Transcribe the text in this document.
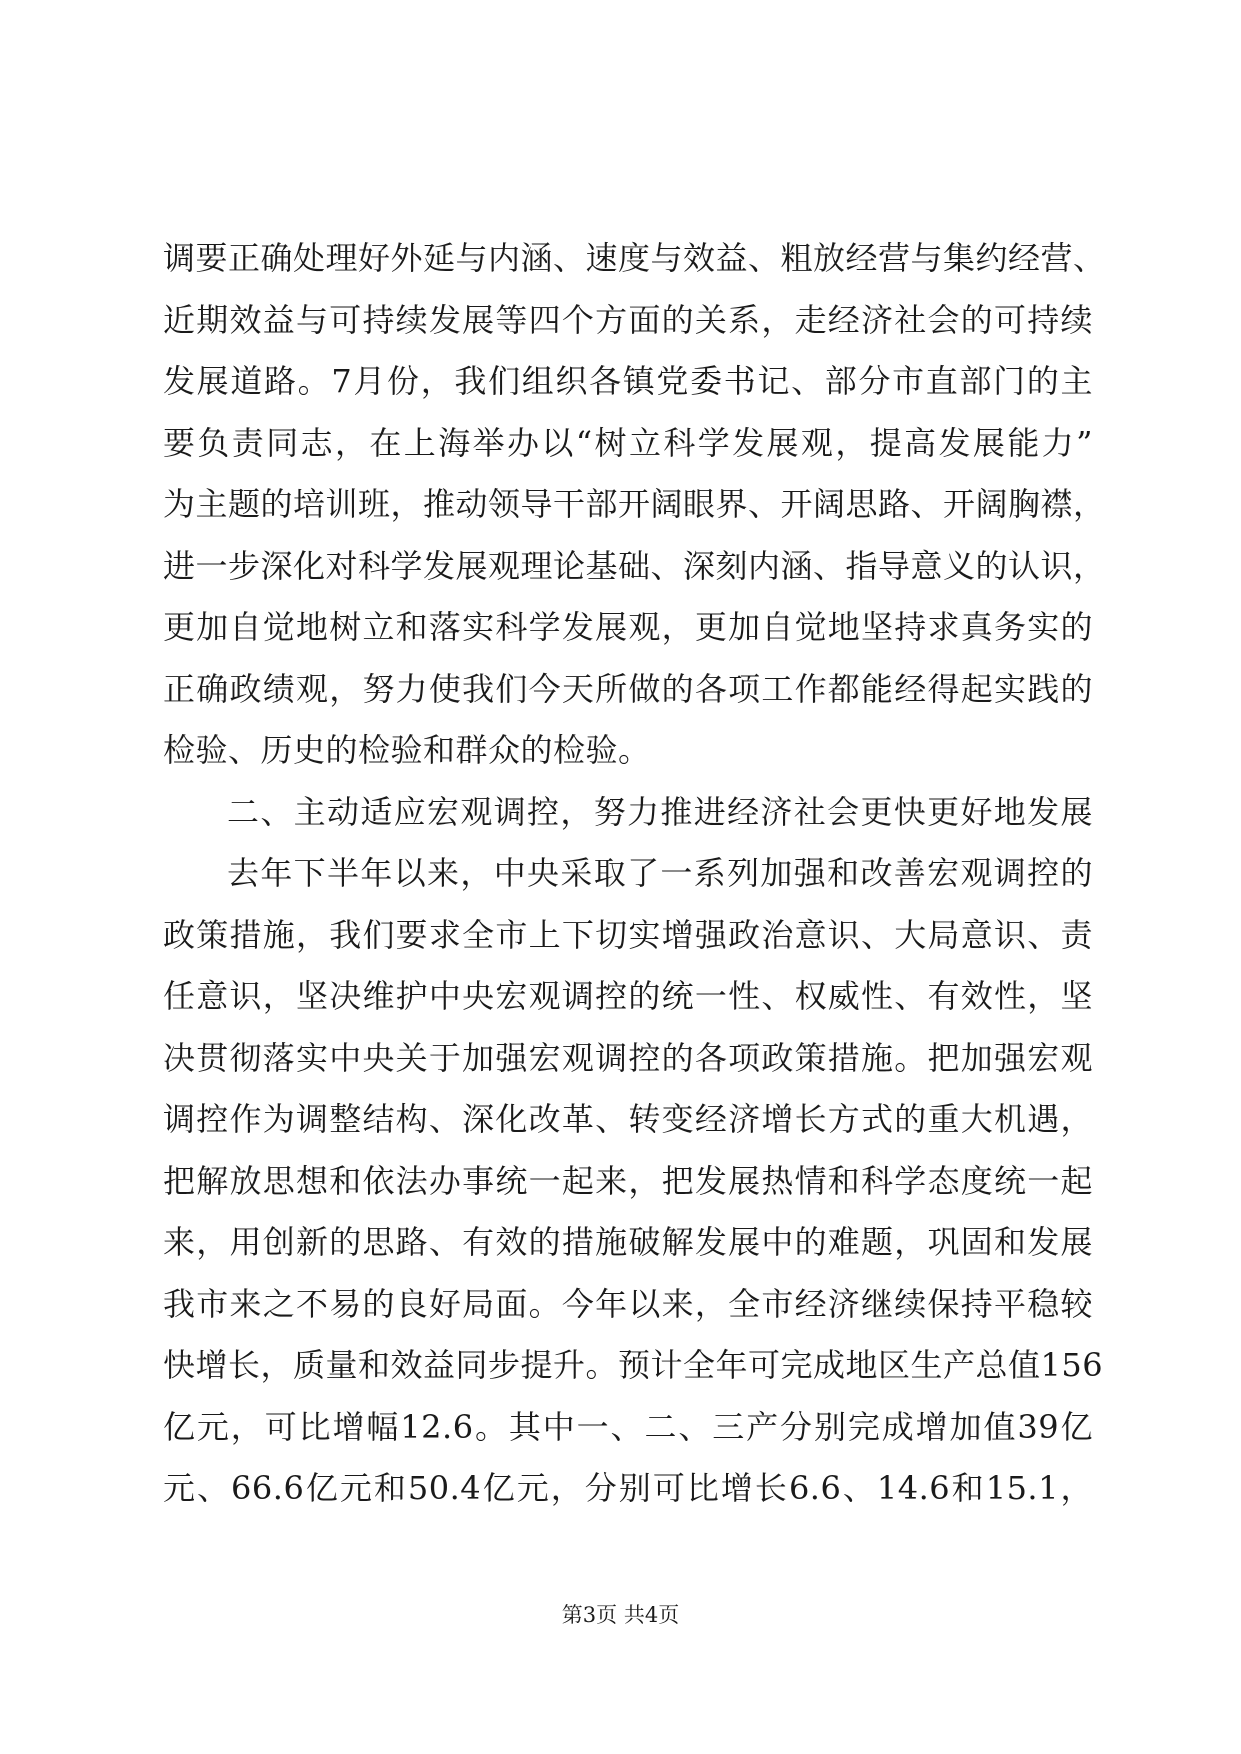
调要正确处理好外延与内涵、速度与效益、粗放经营与集约经营、
近期效益与可持续发展等四个方面的关系，走经济社会的可持续
发展道路。7月份，我们组织各镇党委书记、部分市直部门的主
要负责同志，在上海举办以“树立科学发展观，提高发展能力”
为主题的培训班，推动领导干部开阔眼界、开阔思路、开阔胸襟，
进一步深化对科学发展观理论基础、深刻内涵、指导意义的认识，
更加自觉地树立和落实科学发展观，更加自觉地坚持求真务实的
正确政绩观，努力使我们今天所做的各项工作都能经得起实践的
检验、历史的检验和群众的检验。
二、主动适应宏观调控，努力推进经济社会更快更好地发展
去年下半年以来，中央采取了一系列加强和改善宏观调控的
政策措施，我们要求全市上下切实增强政治意识、大局意识、责
任意识，坚决维护中央宏观调控的统一性、权威性、有效性，坚
决贯彻落实中央关于加强宏观调控的各项政策措施。把加强宏观
调控作为调整结构、深化改革、转变经济增长方式的重大机遇，
把解放思想和依法办事统一起来，把发展热情和科学态度统一起
来，用创新的思路、有效的措施破解发展中的难题，巩固和发展
我市来之不易的良好局面。今年以来，全市经济继续保持平稳较
快增长，质量和效益同步提升。预计全年可完成地区生产总值156
亿元，可比增幅12.6。其中一、二、三产分别完成增加值39亿
元、66.6亿元和50.4亿元，分别可比增长6.6、14.6和15.1，
第3页 共4页
